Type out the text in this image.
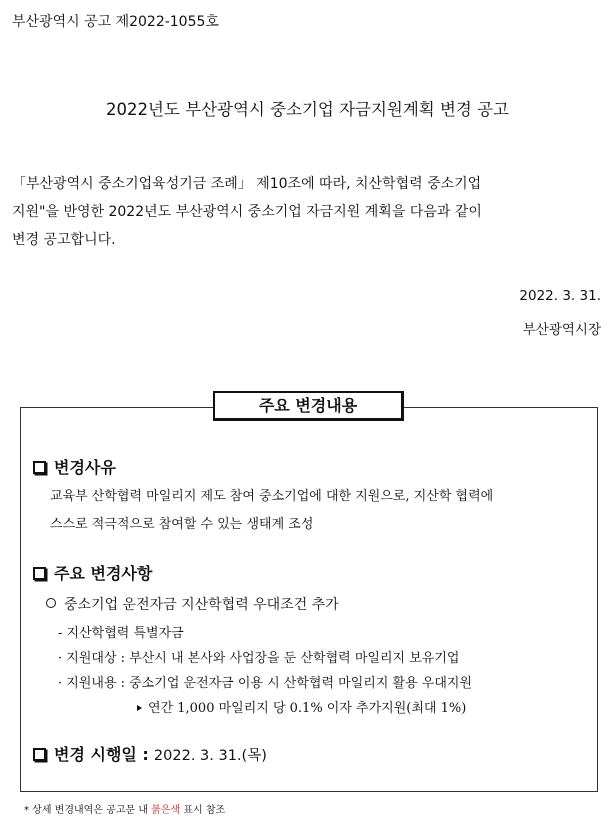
부산광역시 공고 제2022-1055호
2022년도 부산광역시 중소기업 자금지원계획 변경 공고
「부산광역시 중소기업육성기금 조례」 제10조에 따라, 치산학협력 중소기업
지원"을 반영한 2022년도 부산광역시 중소기업 자금지원 계획을 다음과 같이
변경 공고합니다.
2022. 3. 31.
부산광역시장
주요 변경내용
변경사유
교육부 산학협력 마일리지 제도 참여 중소기업에 대한 지원으로, 지산학 협력에
스스로 적극적으로 참여할 수 있는 생태계 조성
주요 변경사항
중소기업 운전자금 지산학협력 우대조건 추가
- 지산학협력 특별자금
· 지원대상 : 부산시 내 본사와 사업장을 둔 산학협력 마일리지 보유기업
· 지원내용 : 중소기업 운전자금 이용 시 산학협력 마일리지 활용 우대지원
연간 1,000 마일리지 당 0.1% 이자 추가지원(최대 1%)
변경 시행일 : 2022. 3. 31.(목)
* 상세 변경내역은 공고문 내 붉은색 표시 참조
